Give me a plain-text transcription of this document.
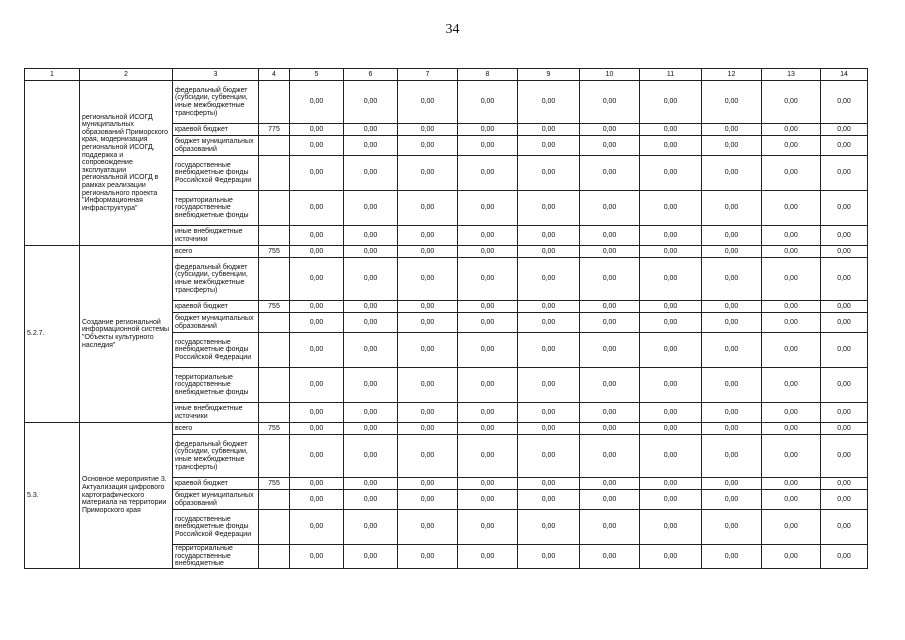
34
1	2	3	4	5	6	7	8	9	10	11	12	13	14
	региональной ИСОГД муниципальных образований Приморского края, модернизация региональной ИСОГД, поддержка и сопровождение эксплуатации региональной ИСОГД в рамках реализации регионального проекта "Информационная инфраструктура"	федеральный бюджет (субсидии, субвенции, иные межбюджетные трансферты)		0,00	0,00	0,00	0,00	0,00	0,00	0,00	0,00	0,00	0,00
		краевой бюджет	775	0,00	0,00	0,00	0,00	0,00	0,00	0,00	0,00	0,00	0,00
		бюджет муниципальных образований		0,00	0,00	0,00	0,00	0,00	0,00	0,00	0,00	0,00	0,00
		государственные внебюджетные фонды Российской Федерации		0,00	0,00	0,00	0,00	0,00	0,00	0,00	0,00	0,00	0,00
		территориальные государственные внебюджетные фонды		0,00	0,00	0,00	0,00	0,00	0,00	0,00	0,00	0,00	0,00
		иные внебюджетные источники		0,00	0,00	0,00	0,00	0,00	0,00	0,00	0,00	0,00	0,00
5.2.7.	Создание региональной информационной системы "Объекты культурного наследия"	всего	755	0,00	0,00	0,00	0,00	0,00	0,00	0,00	0,00	0,00	0,00
		федеральный бюджет (субсидии, субвенции, иные межбюджетные трансферты)		0,00	0,00	0,00	0,00	0,00	0,00	0,00	0,00	0,00	0,00
		краевой бюджет	755	0,00	0,00	0,00	0,00	0,00	0,00	0,00	0,00	0,00	0,00
		бюджет муниципальных образований		0,00	0,00	0,00	0,00	0,00	0,00	0,00	0,00	0,00	0,00
		государственные внебюджетные фонды Российской Федерации		0,00	0,00	0,00	0,00	0,00	0,00	0,00	0,00	0,00	0,00
		территориальные государственные внебюджетные фонды		0,00	0,00	0,00	0,00	0,00	0,00	0,00	0,00	0,00	0,00
		иные внебюджетные источники		0,00	0,00	0,00	0,00	0,00	0,00	0,00	0,00	0,00	0,00
5.3.	Основное мероприятие 3. Актуализация цифрового картографического материала на территории Приморского края	всего	755	0,00	0,00	0,00	0,00	0,00	0,00	0,00	0,00	0,00	0,00
		федеральный бюджет (субсидии, субвенции, иные межбюджетные трансферты)		0,00	0,00	0,00	0,00	0,00	0,00	0,00	0,00	0,00	0,00
		краевой бюджет	755	0,00	0,00	0,00	0,00	0,00	0,00	0,00	0,00	0,00	0,00
		бюджет муниципальных образований		0,00	0,00	0,00	0,00	0,00	0,00	0,00	0,00	0,00	0,00
		государственные внебюджетные фонды Российской Федерации		0,00	0,00	0,00	0,00	0,00	0,00	0,00	0,00	0,00	0,00
		территориальные государственные внебюджетные		0,00	0,00	0,00	0,00	0,00	0,00	0,00	0,00	0,00	0,00
